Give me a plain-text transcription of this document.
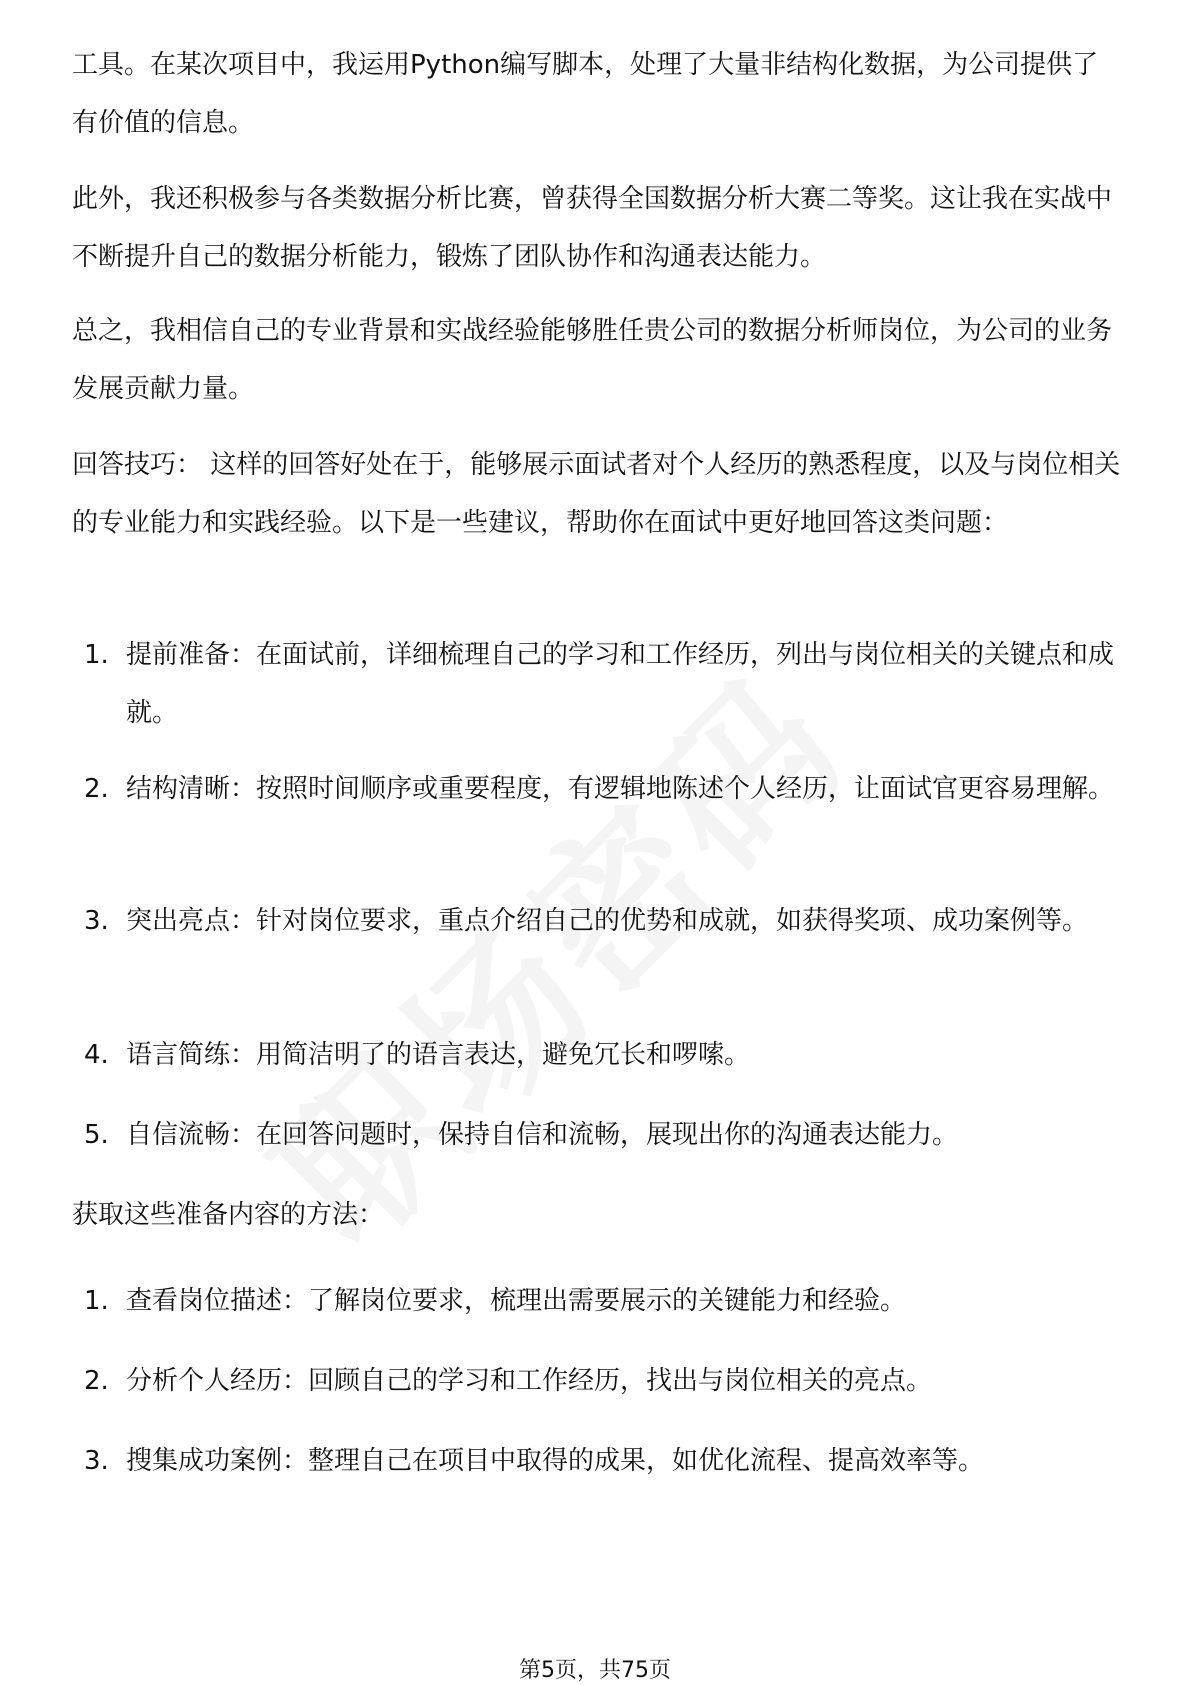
工具。在某次项目中，我运用Python编写脚本，处理了大量非结构化数据，为公司提供了有价值的信息。

此外，我还积极参与各类数据分析比赛，曾获得全国数据分析大赛二等奖。这让我在实战中不断提升自己的数据分析能力，锻炼了团队协作和沟通表达能力。

总之，我相信自己的专业背景和实战经验能够胜任贵公司的数据分析师岗位，为公司的业务发展贡献力量。

回答技巧： 这样的回答好处在于，能够展示面试者对个人经历的熟悉程度，以及与岗位相关的专业能力和实践经验。以下是一些建议，帮助你在面试中更好地回答这类问题：

1. 提前准备：在面试前，详细梳理自己的学习和工作经历，列出与岗位相关的关键点和成就。
2. 结构清晰：按照时间顺序或重要程度，有逻辑地陈述个人经历，让面试官更容易理解。
3. 突出亮点：针对岗位要求，重点介绍自己的优势和成就，如获得奖项、成功案例等。
4. 语言简练：用简洁明了的语言表达，避免冗长和啰嗦。
5. 自信流畅：在回答问题时，保持自信和流畅，展现出你的沟通表达能力。

获取这些准备内容的方法：

1. 查看岗位描述：了解岗位要求，梳理出需要展示的关键能力和经验。
2. 分析个人经历：回顾自己的学习和工作经历，找出与岗位相关的亮点。
3. 搜集成功案例：整理自己在项目中取得的成果，如优化流程、提高效率等。
第5页，共75页
